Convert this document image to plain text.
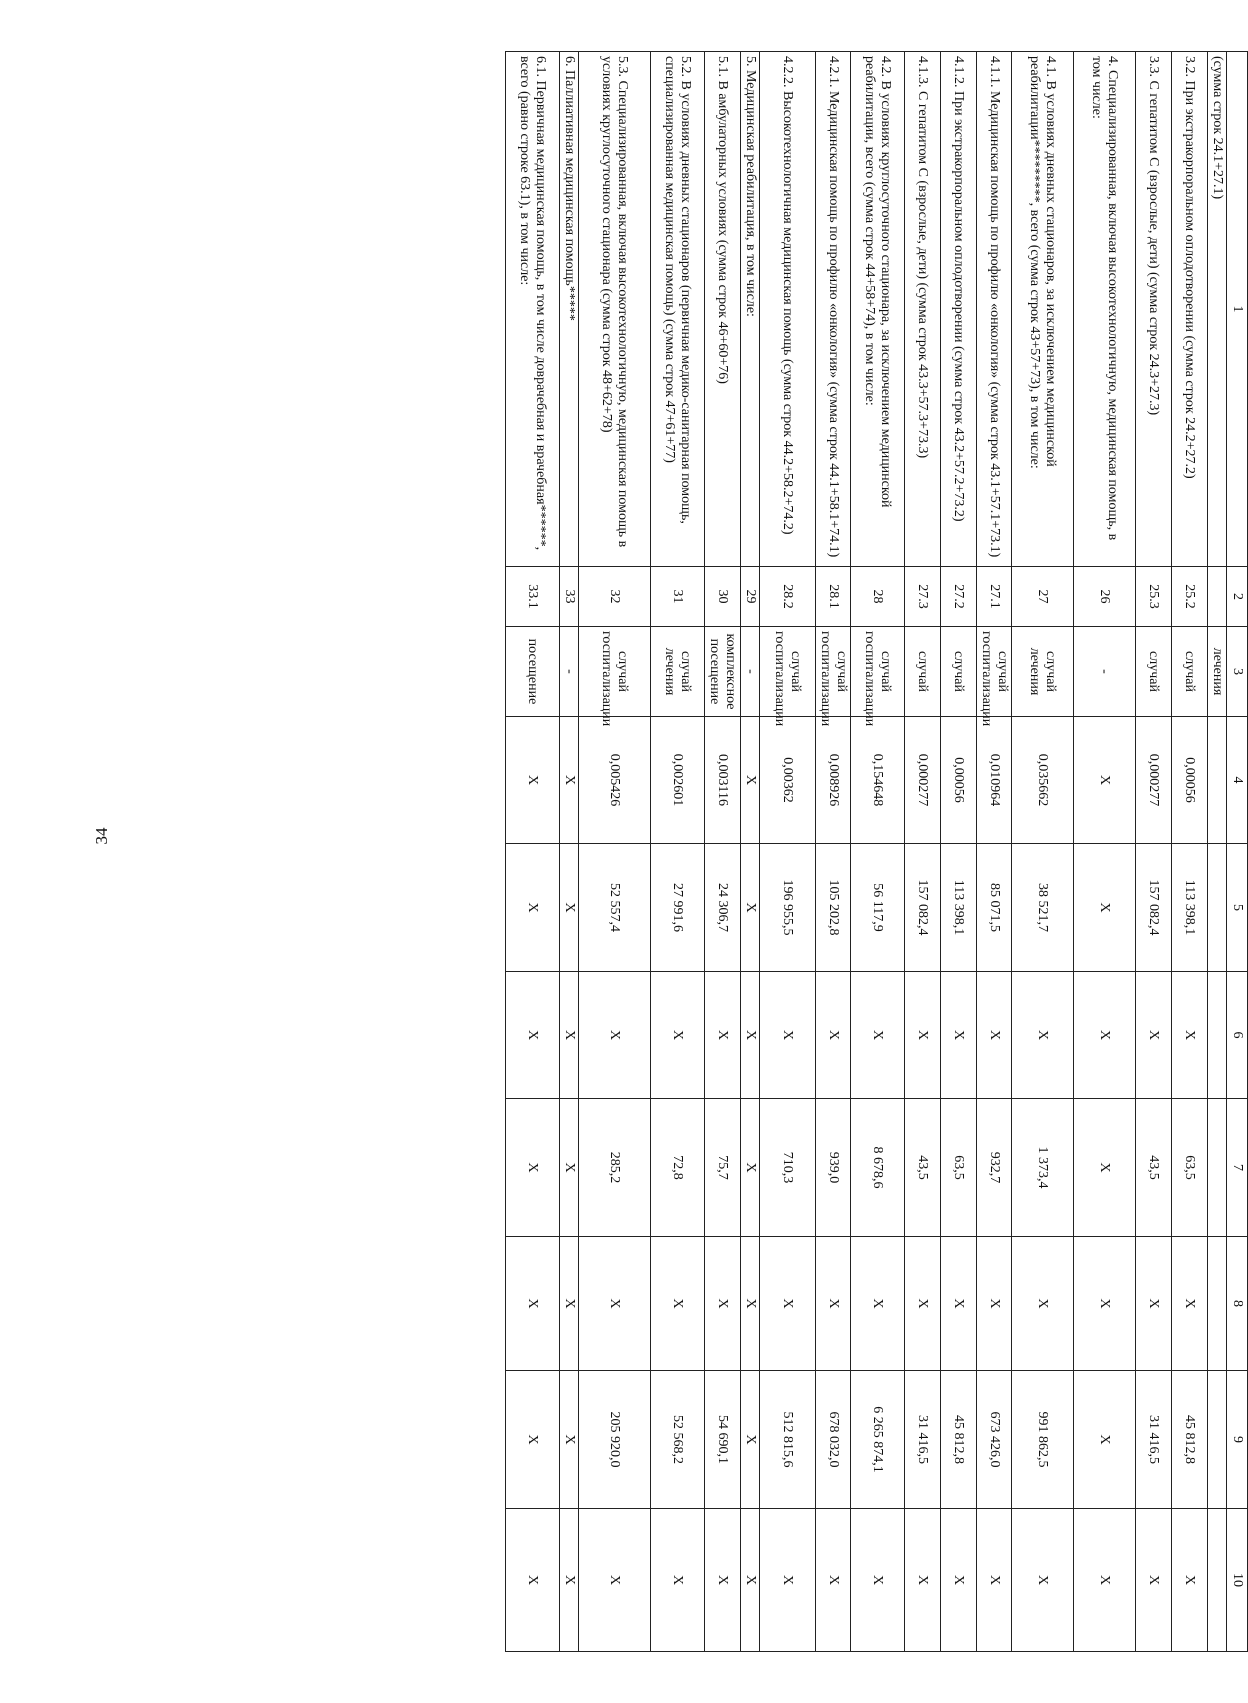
34
1	2	3	4	5	6	7	8	9	10
(сумма строк 24.1+27.1)		лечения							
3.2. При экстракорпоральном оплодотворении (сумма строк 24.2+27.2)	25.2	случай	0,00056	113 398,1	X	63,5	X	45 812,8	X
3.3. С гепатитом С (взрослые, дети) (сумма строк 24.3+27.3)	25.3	случай	0,000277	157 082,4	X	43,5	X	31 416,5	X
4. Специализированная, включая высокотехнологичную, медицинская помощь, в том числе:	26	-	X	X	X	X	X	X	X
4.1. В условиях дневных стационаров, за исключением медицинской реабилитации*********, всего (сумма строк 43+57+73), в том числе:	27	случай лечения	0,035662	38 521,7	X	1 373,4	X	991 862,5	X
4.1.1. Медицинская помощь по профилю «онкология» (сумма строк 43.1+57.1+73.1)	27.1	случай госпитализации	0,010964	85 071,5	X	932,7	X	673 426,0	X
4.1.2. При экстракорпоральном оплодотворении (сумма строк 43.2+57.2+73.2)	27.2	случай	0,00056	113 398,1	X	63,5	X	45 812,8	X
4.1.3. С гепатитом С (взрослые, дети) (сумма строк 43.3+57.3+73.3)	27.3	случай	0,000277	157 082,4	X	43,5	X	31 416,5	X
4.2. В условиях круглосуточного стационара, за исключением медицинской реабилитации, всего (сумма строк 44+58+74), в том числе:	28	случай госпитализации	0,154648	56 117,9	X	8 678,6	X	6 265 874,1	X
4.2.1. Медицинская помощь по профилю «онкология» (сумма строк 44.1+58.1+74.1)	28.1	случай госпитализации	0,008926	105 202,8	X	939,0	X	678 032,0	X
4.2.2. Высокотехнологичная медицинская помощь (сумма строк 44.2+58.2+74.2)	28.2	случай госпитализации	0,00362	196 955,5	X	710,3	X	512 815,6	X
5. Медицинская реабилитация, в том числе:	29	-	X	X	X	X	X	X	X
5.1. В амбулаторных условиях (сумма строк 46+60+76)	30	комплексное посещение	0,003116	24 306,7	X	75,7	X	54 690,1	X
5.2. В условиях дневных стационаров (первичная медико-санитарная помощь, специализированная медицинская помощь) (сумма строк 47+61+77)	31	случай лечения	0,002601	27 991,6	X	72,8	X	52 568,2	X
5.3. Специализированная, включая высокотехнологичную, медицинская помощь в условиях круглосуточного стационара (сумма строк 48+62+78)	32	случай госпитализации	0,005426	52 557,4	X	285,2	X	205 920,0	X
6. Паллиативная медицинская помощь*****	33	-	X	X	X	X	X	X	X
6.1. Первичная медицинская помощь, в том числе доврачебная и врачебная******, всего (равно строке 63.1), в том числе:	33.1	посещение	X	X	X	X	X	X	X
